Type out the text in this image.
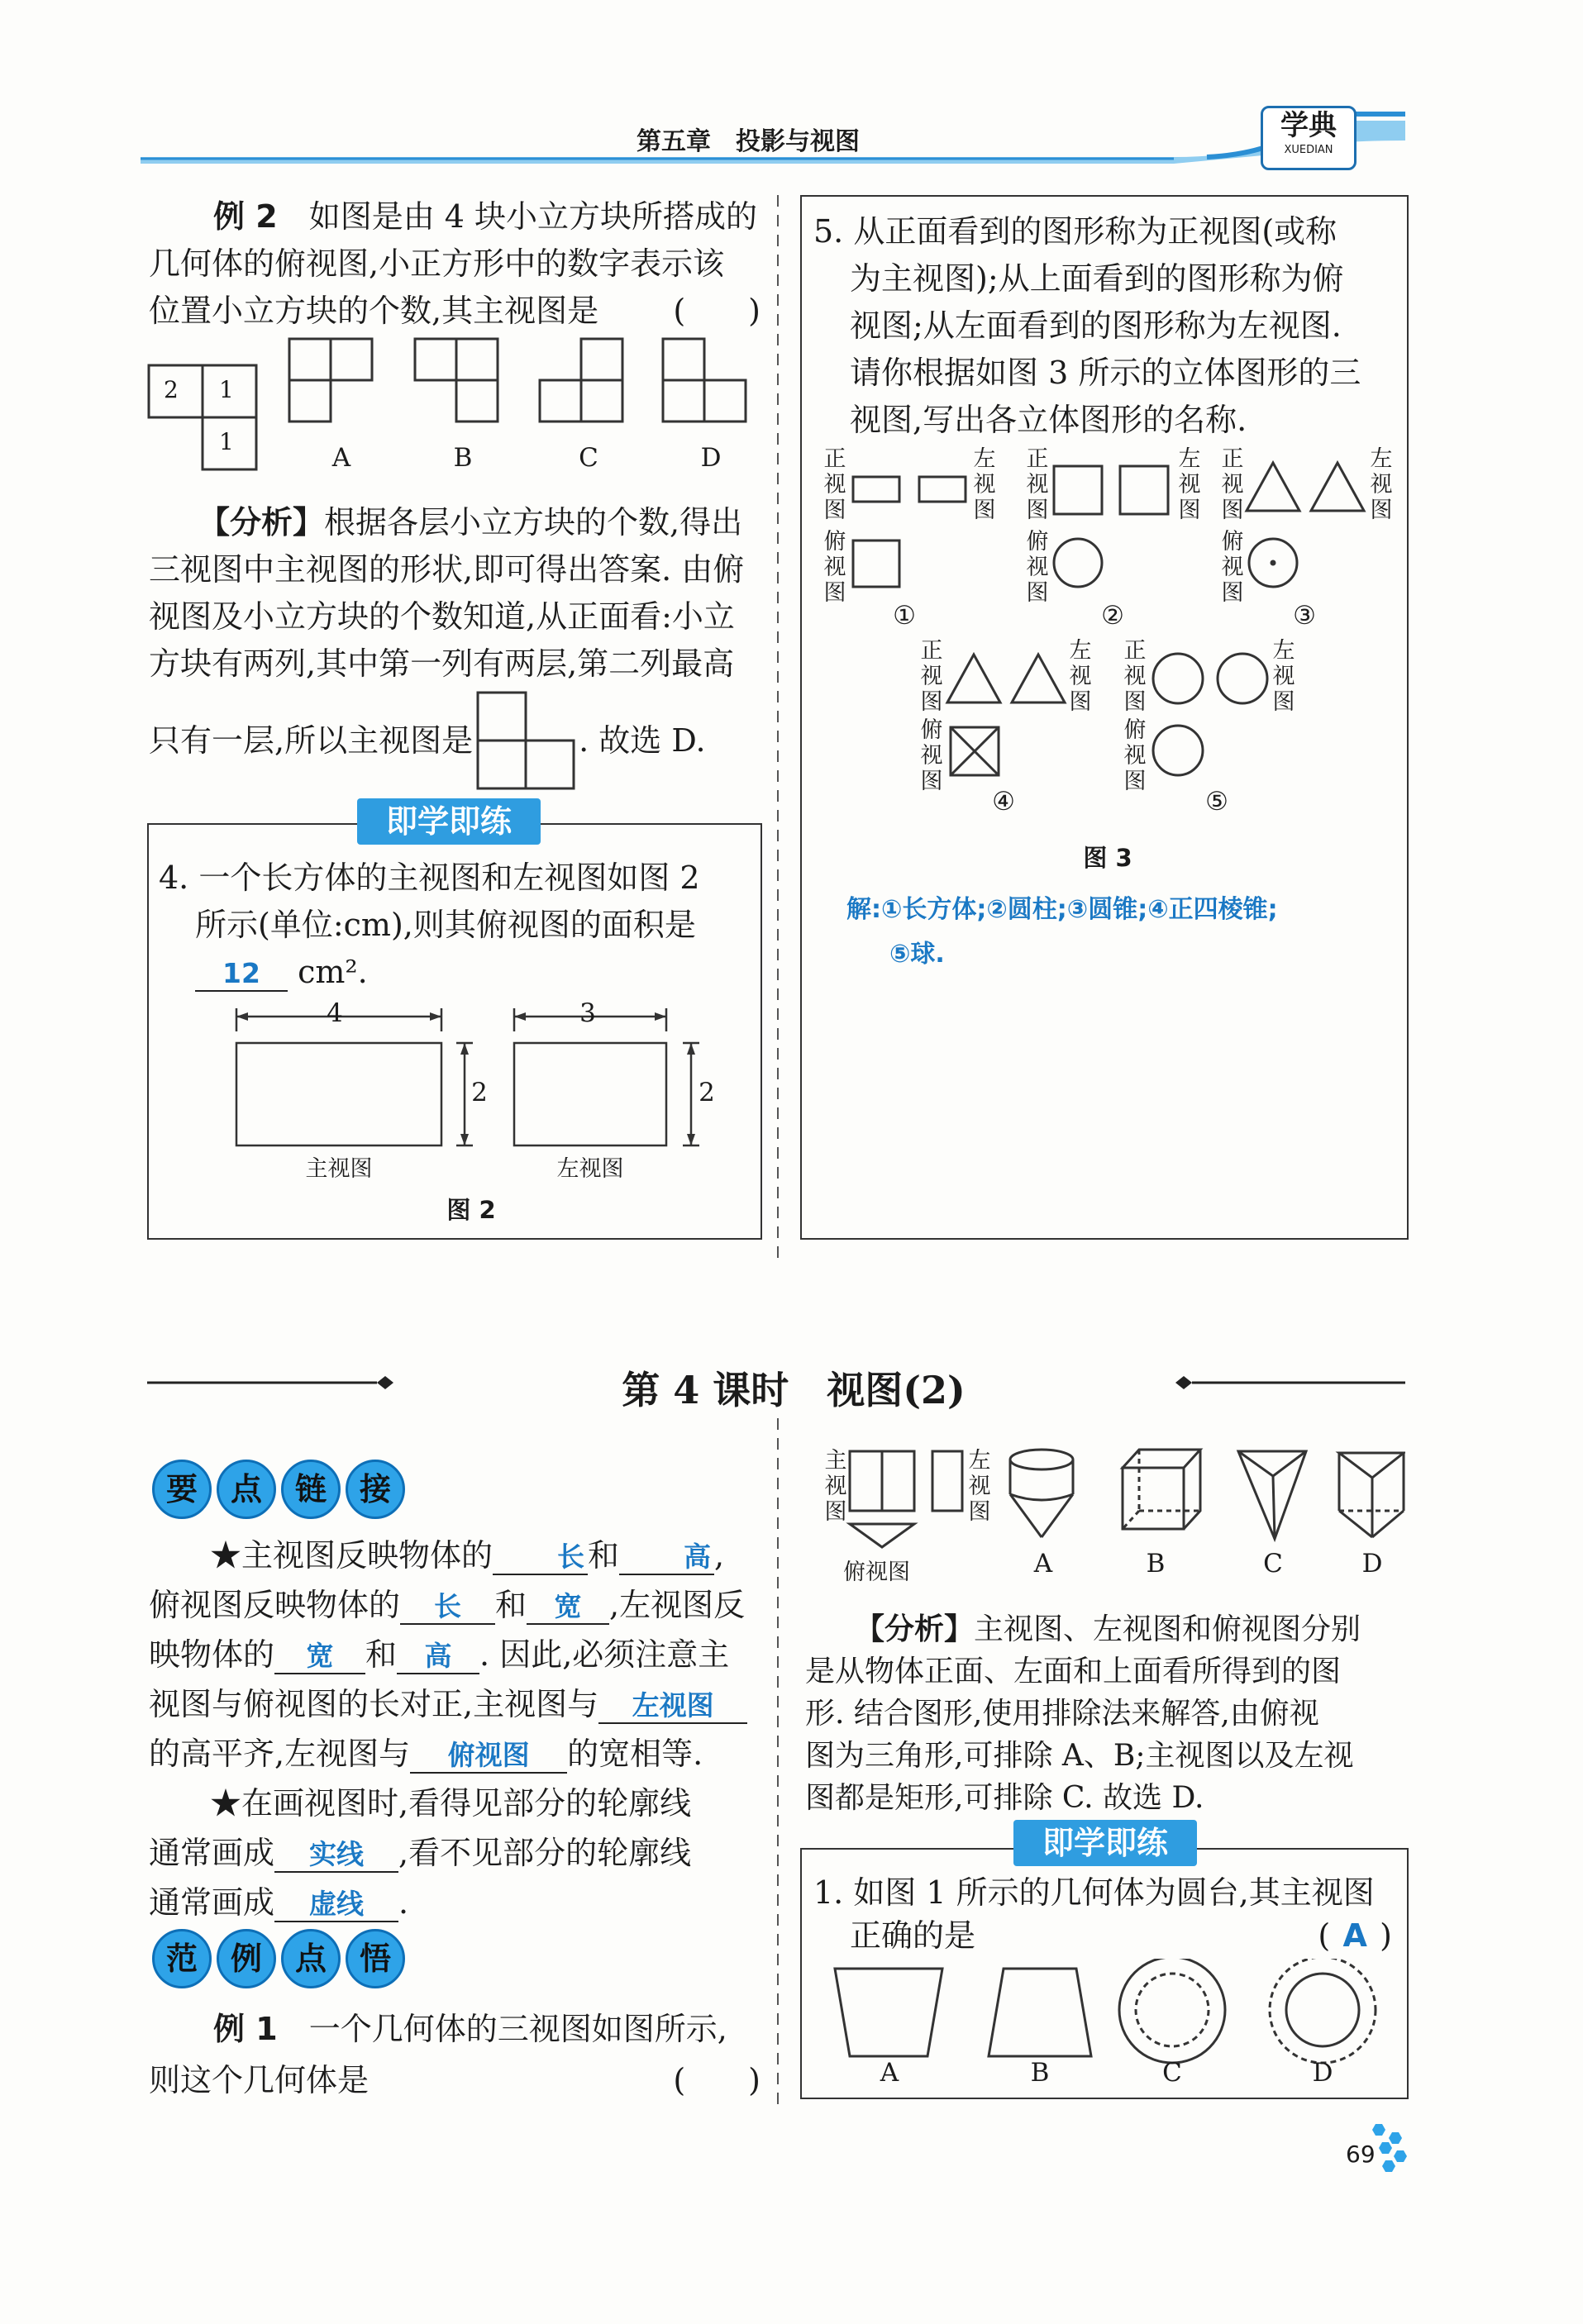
第五章　投影与视图	学典
XUEDIAN
例 2　 如图是由 4 块小立方块所搭成的
几何体的俯视图,小正方形中的数字表示该
位置小立方块的个数,其主视图是 (　　)
2 1
1
A	B	C	D
【分析】根据各层小立方块的个数,得出
三视图中主视图的形状,即可得出答案. 由俯
视图及小立方块的个数知道,从正面看:小立
方块有两列,其中第一列有两层,第二列最高
只有一层,所以主视图是	. 故选 D.
即学即练
4. 一个长方体的主视图和左视图如图 2
所示(单位:cm),则其俯视图的面积是
12 cm².
4
2
3
2
主视图	左视图
图 2
5. 从正面看到的图形称为正视图(或称
为主视图);从上面看到的图形称为俯
视图;从左面看到的图形称为左视图.
请你根据如图 3 所示的立体图形的三
视图,写出各立体图形的名称.
正视图
左视图
俯视图
正视图
左视图
俯视图
正视图
左视图
俯视图
正视图
左视图
俯视图
正视图
左视图
俯视图
①	②	③
④	⑤
图 3
解:①长方体;②圆柱;③圆锥;④正四棱锥;
⑤球.
第 4 课时　视图(2)
要 点 链 接
★主视图反映物体的 长 和 高 ,
俯视图反映物体的 长 和 宽 ,左视图反
映物体的 宽 和 高 . 因此,必须注意主
视图与俯视图的长对正,主视图与 左视图
的高平齐,左视图与 俯视图 的宽相等.
★在画视图时,看得见部分的轮廓线
通常画成 实线 ,看不见部分的轮廓线
通常画成 虚线 .
范 例 点 悟
例 1　 一个几何体的三视图如图所示,
则这个几何体是	(　　)
主视图
左视图
俯视图	A	B	C	D
【分析】主视图、左视图和俯视图分别
是从物体正面、左面和上面看所得到的图
形. 结合图形,使用排除法来解答,由俯视
图为三角形,可排除 A、B;主视图以及左视
图都是矩形,可排除 C. 故选 D.
即学即练
1. 如图 1 所示的几何体为圆台,其主视图
正确的是	( A )
A	B	C	D
69
